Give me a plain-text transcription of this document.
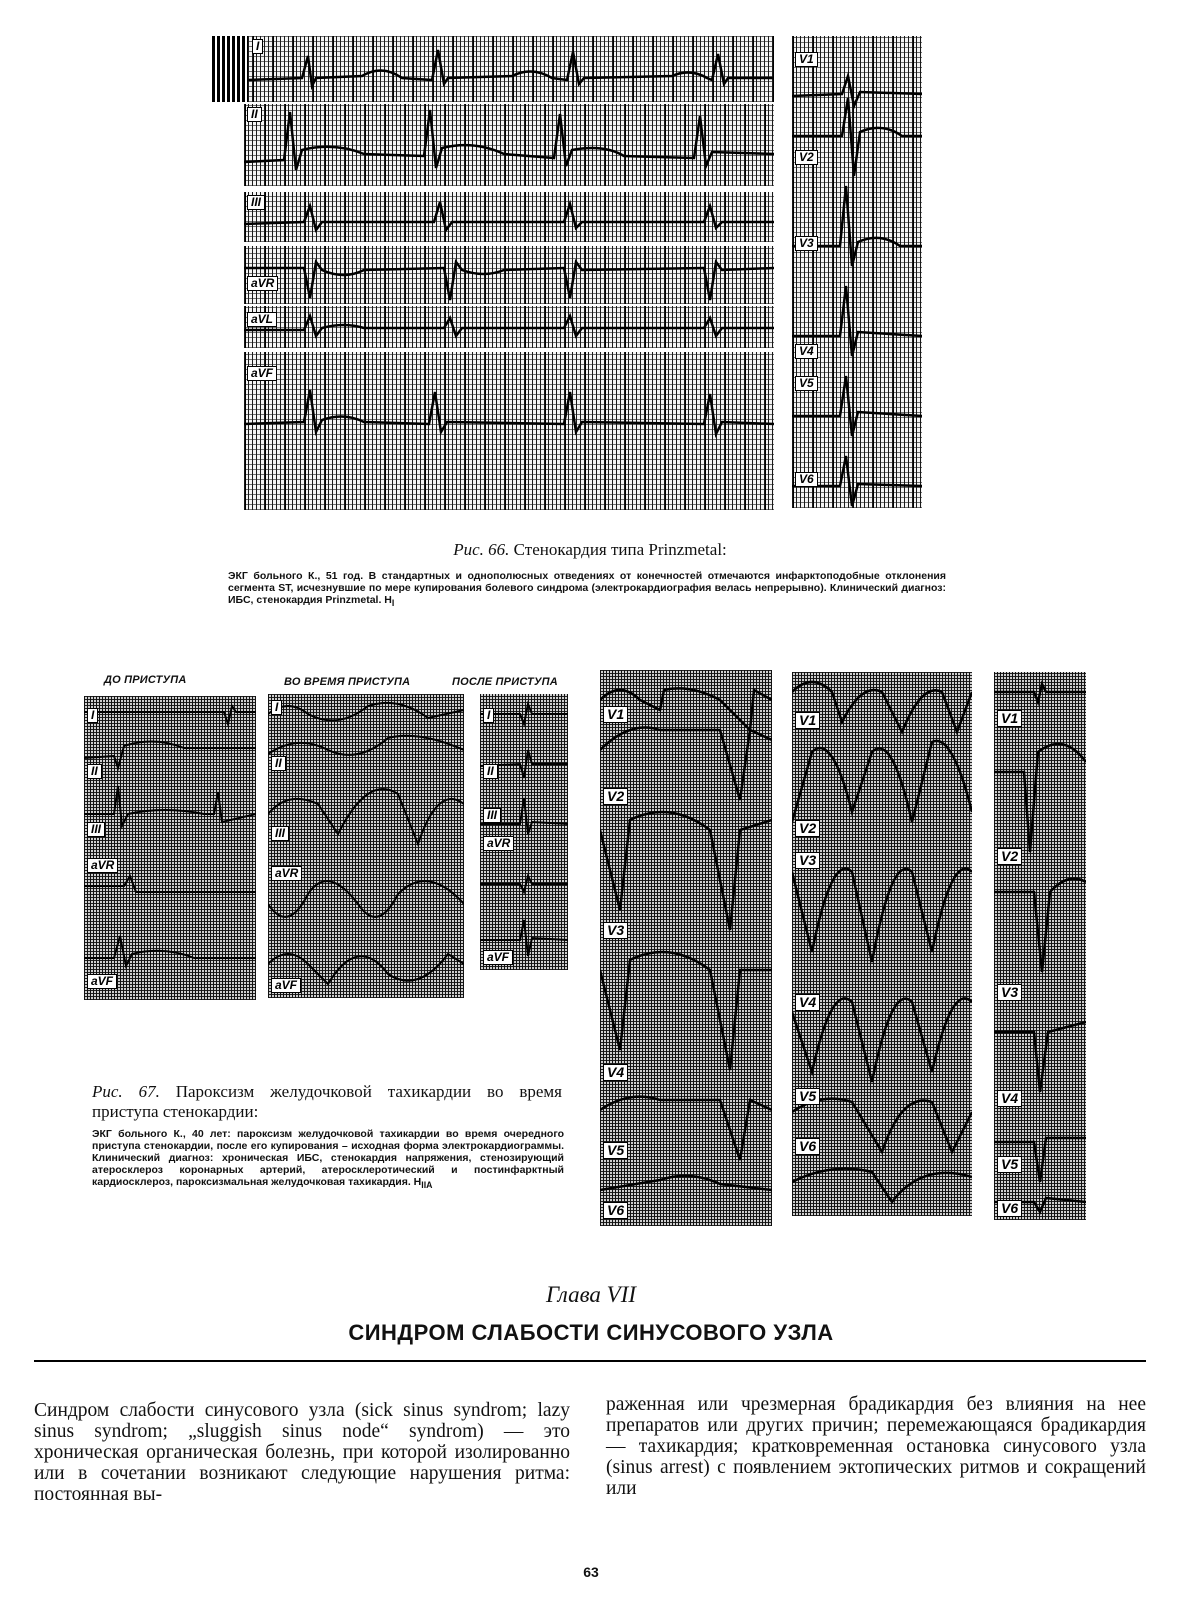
I
II
III
aVR
aVL
aVF
V1
V2
V3
V4
V5
V6
Рис. 66. Стенокардия типа Prinzmetal:
ЭКГ больного К., 51 год. В стандартных и однополюсных отведениях от конечностей отмечаются инфарктоподобные отклонения сегмента ST, исчезнувшие по мере купирования болевого синдрома (электрокардиография велась непрерывно). Клинический диагноз: ИБС, стенокардия Prinzmetal. $H_I$
ДО ПРИСТУПА	ВО ВРЕМЯ ПРИСТУПА	ПОСЛЕ ПРИСТУПА
I
II
III
aVR
aVF
I
II
III
aVR
aVF
I
II
III
aVR
aVF
V1
V2
V3
V4
V5
V6
V1
V2
V3
V4
V5
V6
V1
V2
V3
V4
V5
V6
Рис. 67. Пароксизм желудочковой тахикардии во время приступа стенокардии:
ЭКГ больного К., 40 лет: пароксизм желудочковой тахикардии во время очередного приступа стенокардии, после его купирования – исходная форма электрокардиограммы. Клинический диагноз: хроническая ИБС, стенокардия напряжения, стенозирующий атеросклероз коронарных артерий, атеросклеротический и постинфарктный кардиосклероз, пароксизмальная желудочковая тахикардия. $H_{IIA}$
Глава VII
СИНДРОМ СЛАБОСТИ СИНУСОВОГО УЗЛА
Синдром слабости синусового узла (sick sinus syndrom; lazy sinus syndrom; „sluggish sinus node“ syndrom) — это хроническая органическая болезнь, при которой изолированно или в сочетании возникают следующие нарушения ритма: постоянная вы-
раженная или чрезмерная брадикардия без влияния на нее препаратов или других причин; перемежающаяся брадикардия — тахикардия; кратковременная остановка синусового узла (sinus arrest) с появлением эктопических ритмов и сокращений или
63
